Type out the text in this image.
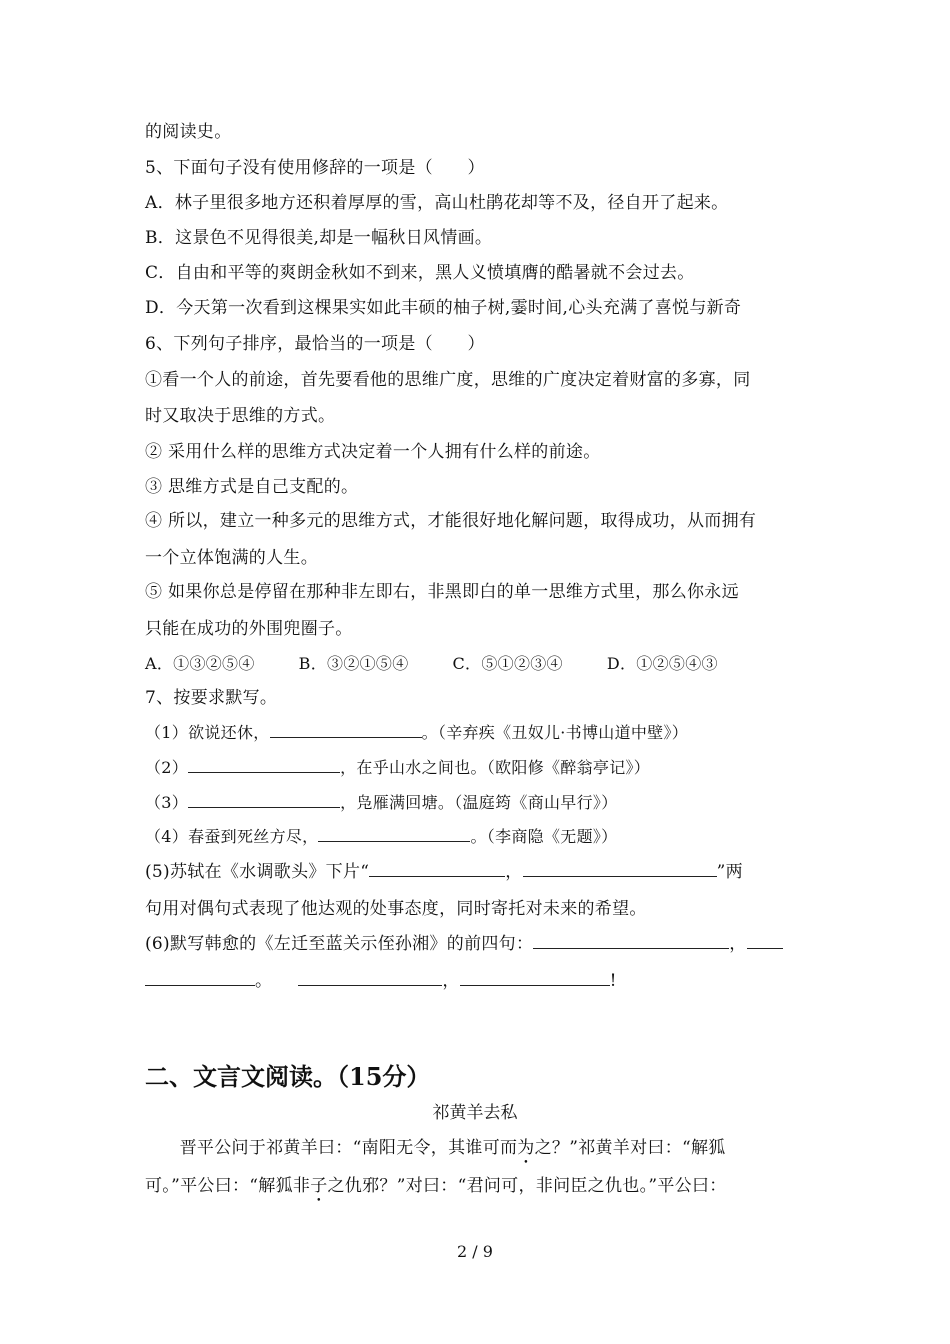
的阅读史。
5、下面句子没有使用修辞的一项是（　　）
A．林子里很多地方还积着厚厚的雪，高山杜鹃花却等不及，径自开了起来。
B．这景色不见得很美,却是一幅秋日风情画。
C．自由和平等的爽朗金秋如不到来，黑人义愤填膺的酷暑就不会过去。
D．今天第一次看到这棵果实如此丰硕的柚子树,霎时间,心头充满了喜悦与新奇
6、下列句子排序，最恰当的一项是（　　）
①看一个人的前途，首先要看他的思维广度，思维的广度决定着财富的多寡，同
时又取决于思维的方式。
② 采用什么样的思维方式决定着一个人拥有什么样的前途。
③ 思维方式是自己支配的。
④ 所以，建立一种多元的思维方式，才能很好地化解问题，取得成功，从而拥有
一个立体饱满的人生。
⑤ 如果你总是停留在那种非左即右，非黑即白的单一思维方式里，那么你永远
只能在成功的外围兜圈子。
A．①③②⑤④	B．③②①⑤④	C．⑤①②③④	D．①②⑤④③
7、按要求默写。
（1）欲说还休，	。（辛弃疾《丑奴儿·书博山道中壁》）
（2）	，在乎山水之间也。（欧阳修《醉翁亭记》）
（3）	，凫雁满回塘。（温庭筠《商山早行》）
（4）春蚕到死丝方尽，	。（李商隐《无题》）
(5)苏轼在《水调歌头》下片“	，	”两
句用对偶句式表现了他达观的处事态度，同时寄托对未来的希望。
(6)默写韩愈的《左迁至蓝关示侄孙湘》的前四句：	，
。	，	!
二、文言文阅读。（15分）
祁黄羊去私
　　晋平公问于祁黄羊曰：“南阳无令，其谁可而为之？”祁黄羊对曰：“解狐
可。”平公曰：“解狐非子之仇邪？”对曰：“君问可，非问臣之仇也。”平公曰：
2 / 9
